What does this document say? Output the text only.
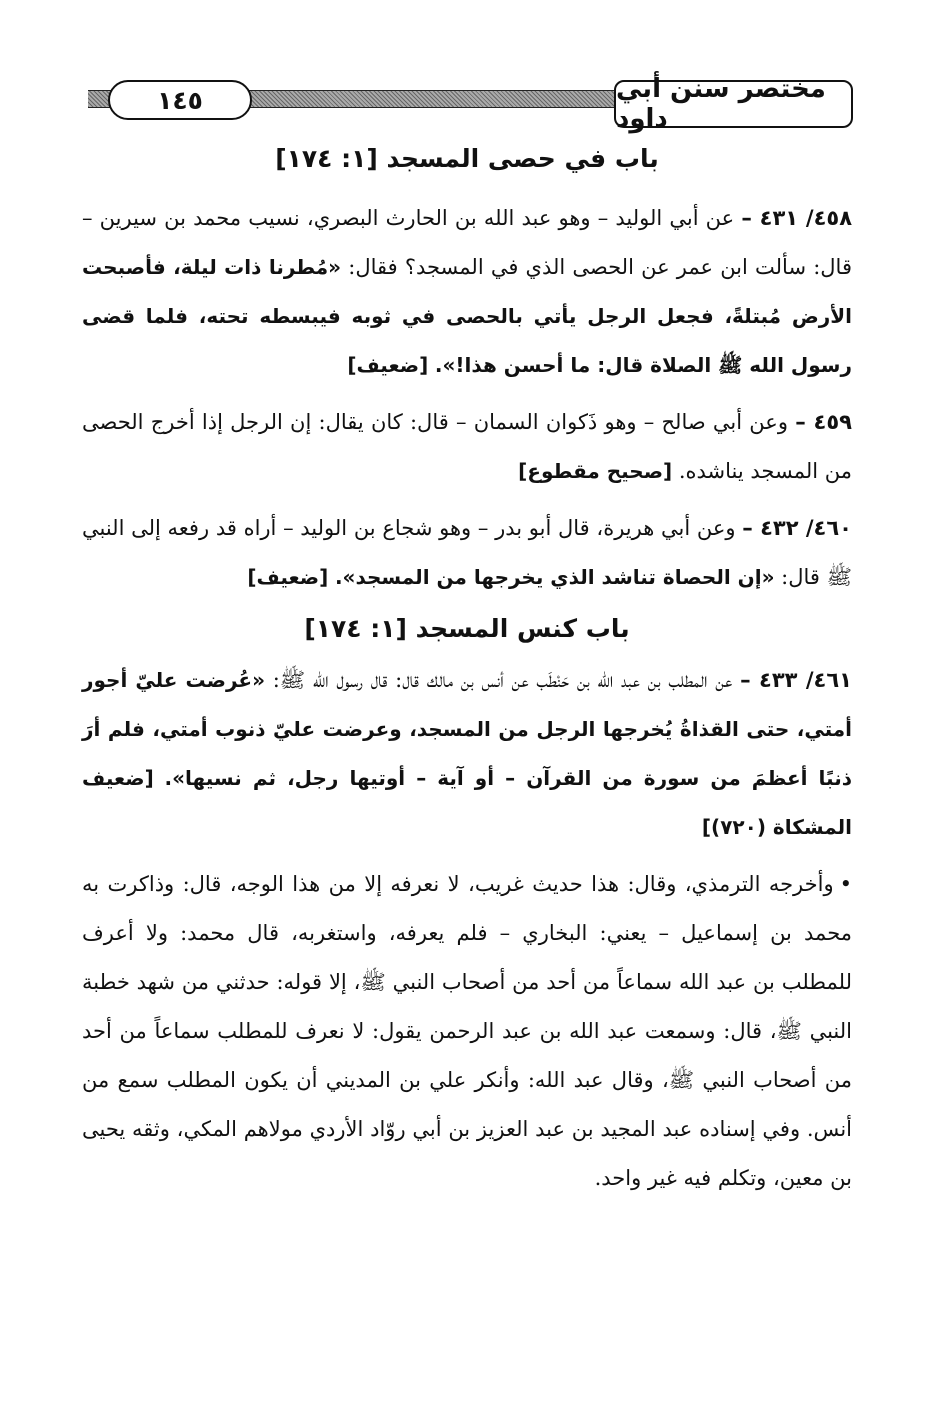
١٤٥	مختصر سنن أبي داود

باب في حصى المسجد [١: ١٧٤]

٤٥٨/ ٤٣١ – عن أبي الوليد – وهو عبد الله بن الحارث البصري، نسيب محمد بن سيرين – قال: سألت ابن عمر عن الحصى الذي في المسجد؟ فقال: «مُطرنا ذات ليلة، فأصبحت الأرض مُبتلةً، فجعل الرجل يأتي بالحصى في ثوبه فيبسطه تحته، فلما قضى رسول الله ﷺ الصلاة قال: ما أحسن هذا!». [ضعيف]

٤٥٩ – وعن أبي صالح – وهو ذَكوان السمان – قال: كان يقال: إن الرجل إذا أخرج الحصى من المسجد يناشده. [صحيح مقطوع]

٤٦٠/ ٤٣٢ – وعن أبي هريرة، قال أبو بدر – وهو شجاع بن الوليد – أراه قد رفعه إلى النبي ﷺ قال: «إن الحصاة تناشد الذي يخرجها من المسجد». [ضعيف]

باب كنس المسجد [١: ١٧٤]

٤٦١/ ٤٣٣ – عن المطلب بن عبد الله بن حَنْطَب عن أنس بن مالك قال: قال رسول الله ﷺ: «عُرضت عليّ أجور أمتي، حتى القذاةُ يُخرجها الرجل من المسجد، وعرضت عليّ ذنوب أمتي، فلم أرَ ذنبًا أعظمَ من سورة من القرآن – أو آية – أوتيها رجل، ثم نسيها». [ضعيف المشكاة (٧٢٠)]

•وأخرجه الترمذي، وقال: هذا حديث غريب، لا نعرفه إلا من هذا الوجه، قال: وذاكرت به محمد بن إسماعيل – يعني: البخاري – فلم يعرفه، واستغربه، قال محمد: ولا أعرف للمطلب بن عبد الله سماعاً من أحد من أصحاب النبي ﷺ، إلا قوله: حدثني من شهد خطبة النبي ﷺ، قال: وسمعت عبد الله بن عبد الرحمن يقول: لا نعرف للمطلب سماعاً من أحد من أصحاب النبي ﷺ، وقال عبد الله: وأنكر علي بن المديني أن يكون المطلب سمع من أنس. وفي إسناده عبد المجيد بن عبد العزيز بن أبي روّاد الأردي مولاهم المكي، وثقه يحيى بن معين، وتكلم فيه غير واحد.
